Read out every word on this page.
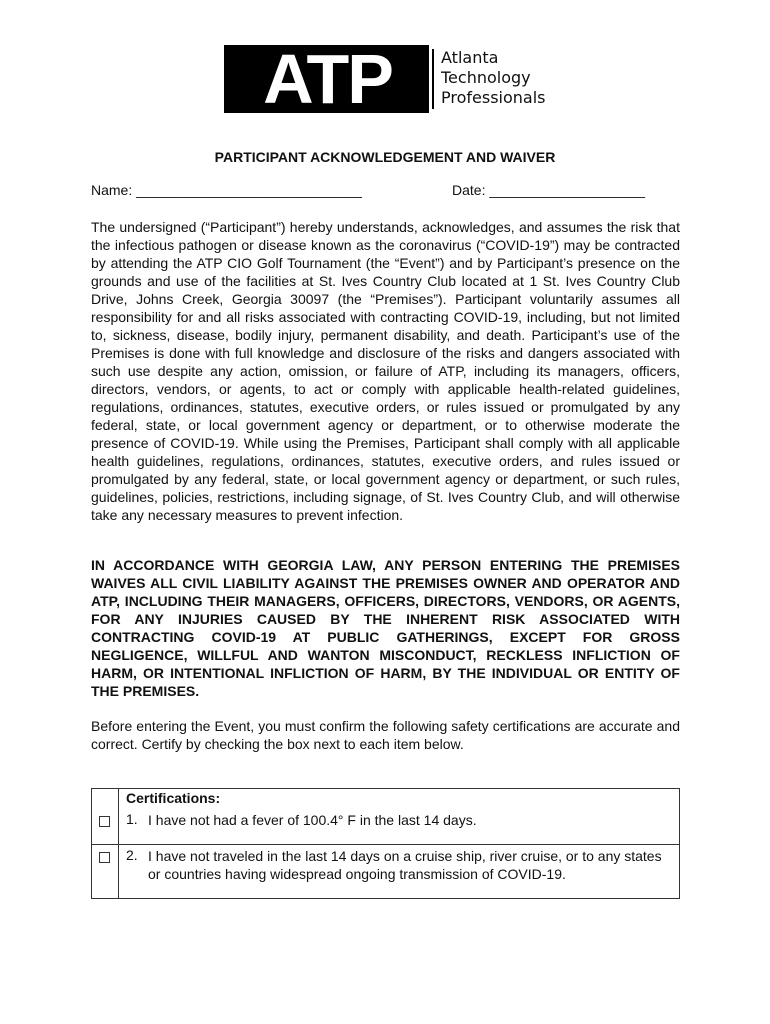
ATP	Atlanta
Technology
Professionals
PARTICIPANT ACKNOWLEDGEMENT AND WAIVER
Name: _____________________________	Date: ____________________
The undersigned (“Participant”) hereby understands, acknowledges, and assumes the risk that the infectious pathogen or disease known as the coronavirus (“COVID-19”) may be contracted by attending the ATP CIO Golf Tournament (the “Event”) and by Participant’s presence on the grounds and use of the facilities at St. Ives Country Club located at 1 St. Ives Country Club Drive, Johns Creek, Georgia 30097 (the “Premises”). Participant voluntarily assumes all responsibility for and all risks associated with contracting COVID-19, including, but not limited to, sickness, disease, bodily injury, permanent disability, and death. Participant’s use of the Premises is done with full knowledge and disclosure of the risks and dangers associated with such use despite any action, omission, or failure of ATP, including its managers, officers, directors, vendors, or agents, to act or comply with applicable health-related guidelines, regulations, ordinances, statutes, executive orders, or rules issued or promulgated by any federal, state, or local government agency or department, or to otherwise moderate the presence of COVID-19. While using the Premises, Participant shall comply with all applicable health guidelines, regulations, ordinances, statutes, executive orders, and rules issued or promulgated by any federal, state, or local government agency or department, or such rules, guidelines, policies, restrictions, including signage, of St. Ives Country Club, and will otherwise take any necessary measures to prevent infection.
IN ACCORDANCE WITH GEORGIA LAW, ANY PERSON ENTERING THE PREMISES WAIVES ALL CIVIL LIABILITY AGAINST THE PREMISES OWNER AND OPERATOR AND ATP, INCLUDING THEIR MANAGERS, OFFICERS, DIRECTORS, VENDORS, OR AGENTS, FOR ANY INJURIES CAUSED BY THE INHERENT RISK ASSOCIATED WITH CONTRACTING COVID-19 AT PUBLIC GATHERINGS, EXCEPT FOR GROSS NEGLIGENCE, WILLFUL AND WANTON MISCONDUCT, RECKLESS INFLICTION OF HARM, OR INTENTIONAL INFLICTION OF HARM, BY THE INDIVIDUAL OR ENTITY OF THE PREMISES.
Before entering the Event, you must confirm the following safety certifications are accurate and correct. Certify by checking the box next to each item below.
Certifications:
1. I have not had a fever of 100.4° F in the last 14 days.
2. I have not traveled in the last 14 days on a cruise ship, river cruise, or to any states or countries having widespread ongoing transmission of COVID-19.
